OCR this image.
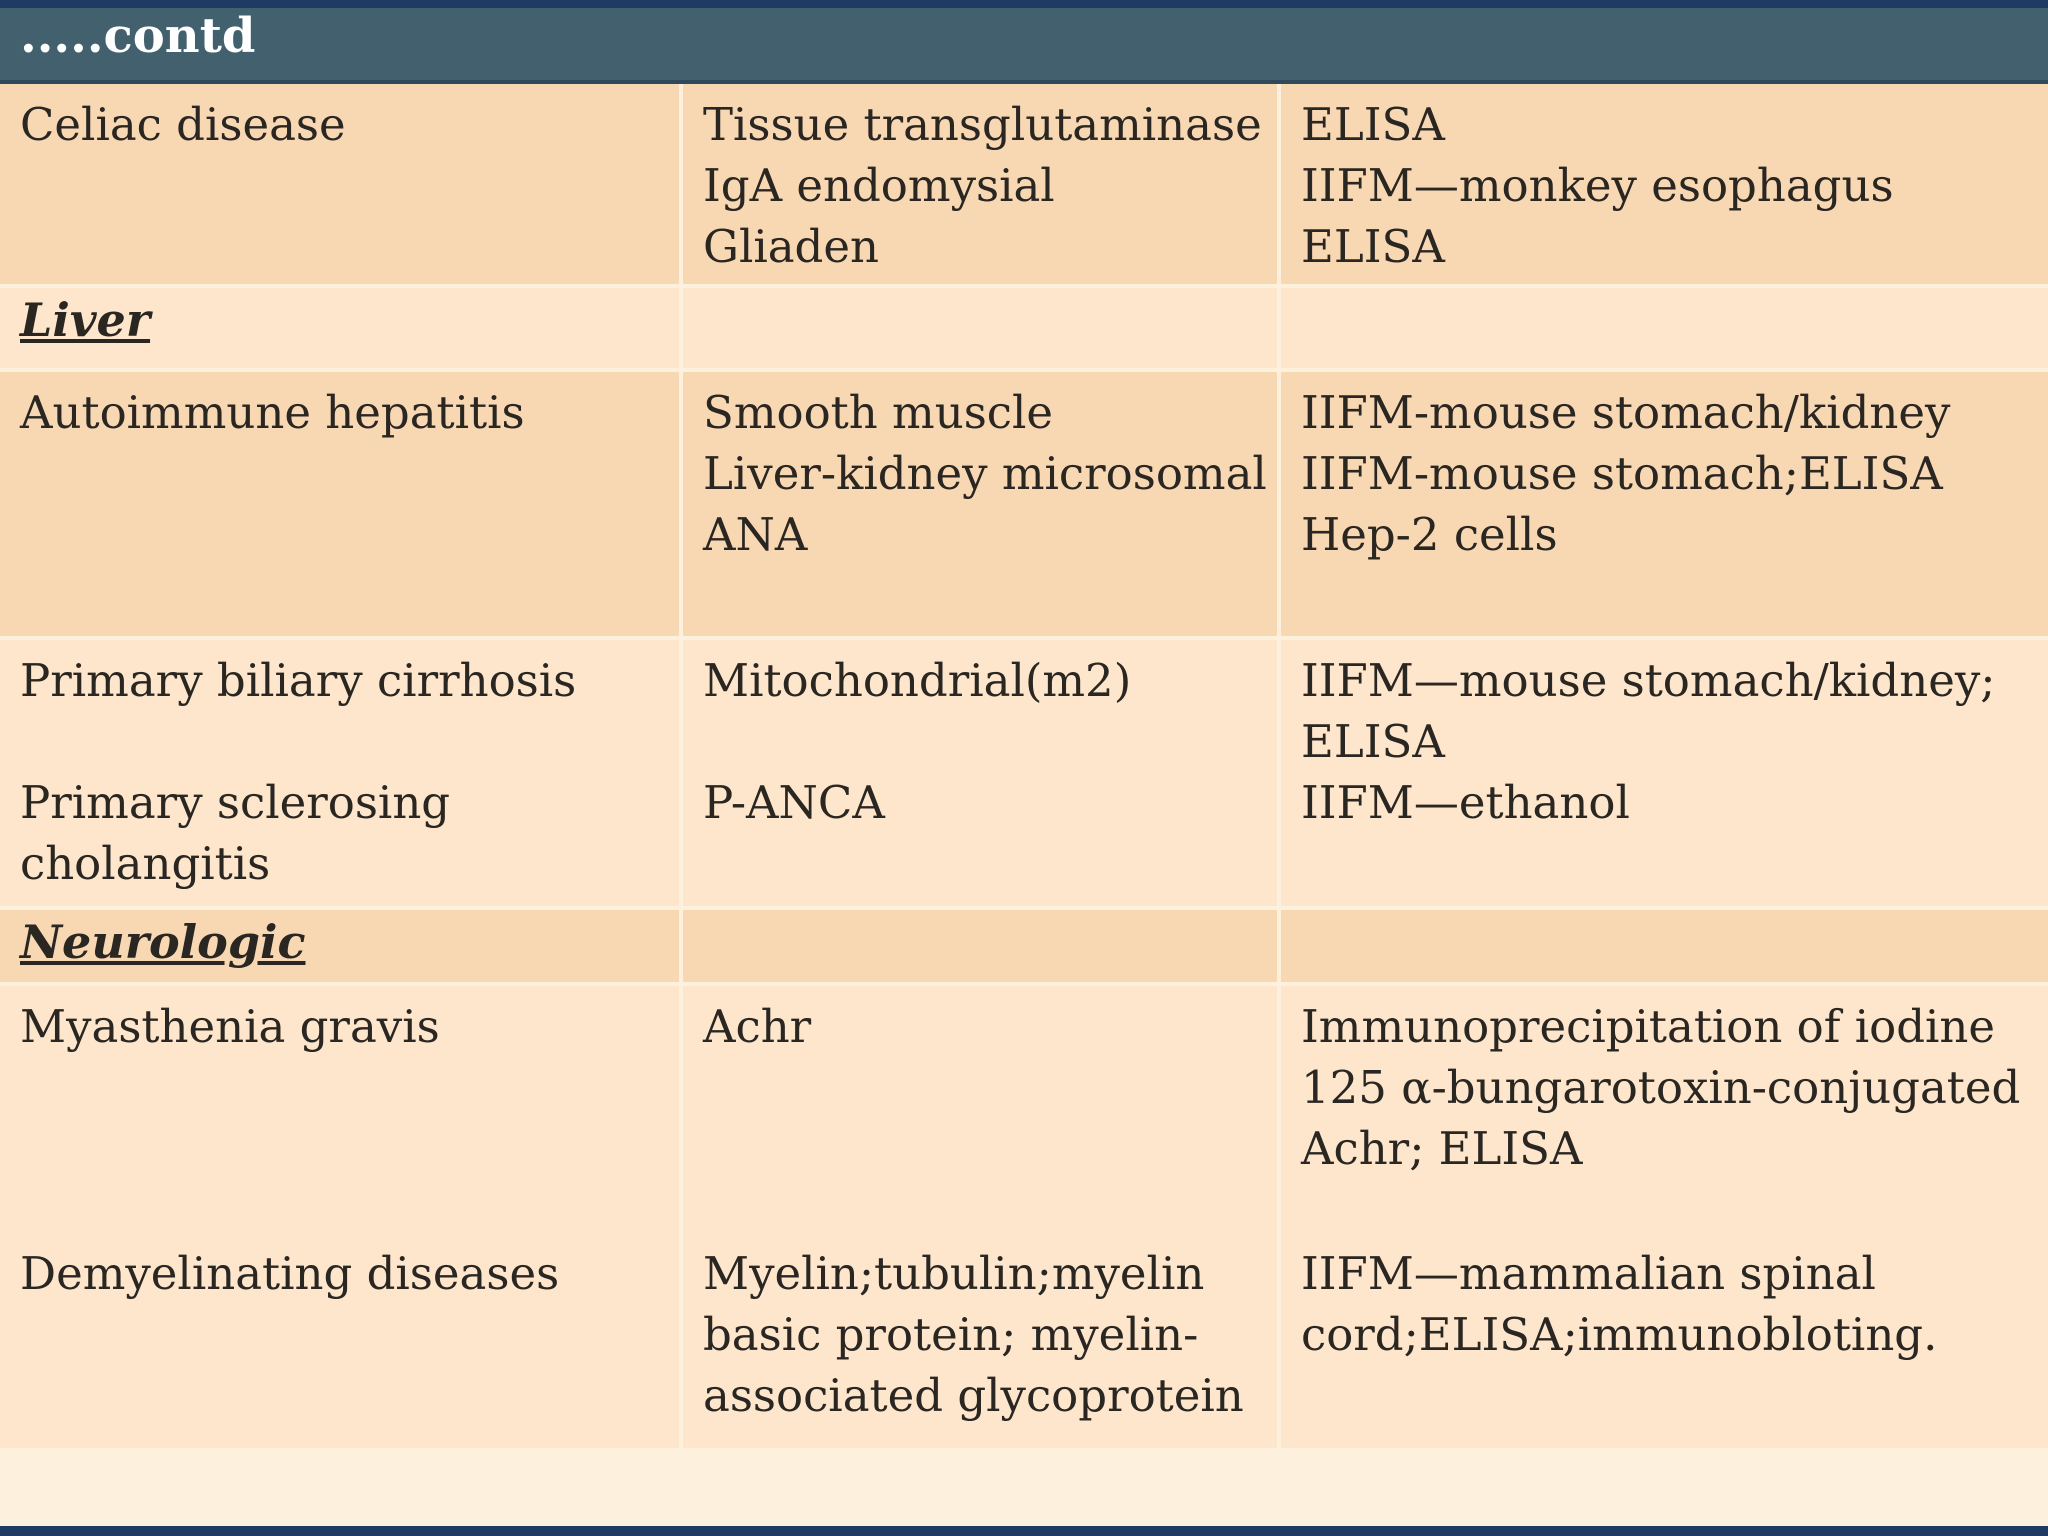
.....contd
Celiac disease	Tissue transglutaminase
IgA endomysial
Gliaden
ELISA
IIFM—monkey esophagus
ELISA
Liver
Autoimmune hepatitis	Smooth muscle
Liver-kidney microsomal
ANA
IIFM-mouse stomach/kidney
IIFM-mouse stomach;ELISA
Hep-2 cells
Primary biliary cirrhosis

Primary sclerosing
cholangitis
Mitochondrial(m2)

P-ANCA
IIFM—mouse stomach/kidney;
ELISA
IIFM—ethanol
Neurologic
Myasthenia gravis

Demyelinating diseases
Achr

Myelin;tubulin;myelin
basic protein; myelin-
associated glycoprotein
Immunoprecipitation of iodine
125 α-bungarotoxin-conjugated
Achr; ELISA

IIFM—mammalian spinal
cord;ELISA;immunobloting.
